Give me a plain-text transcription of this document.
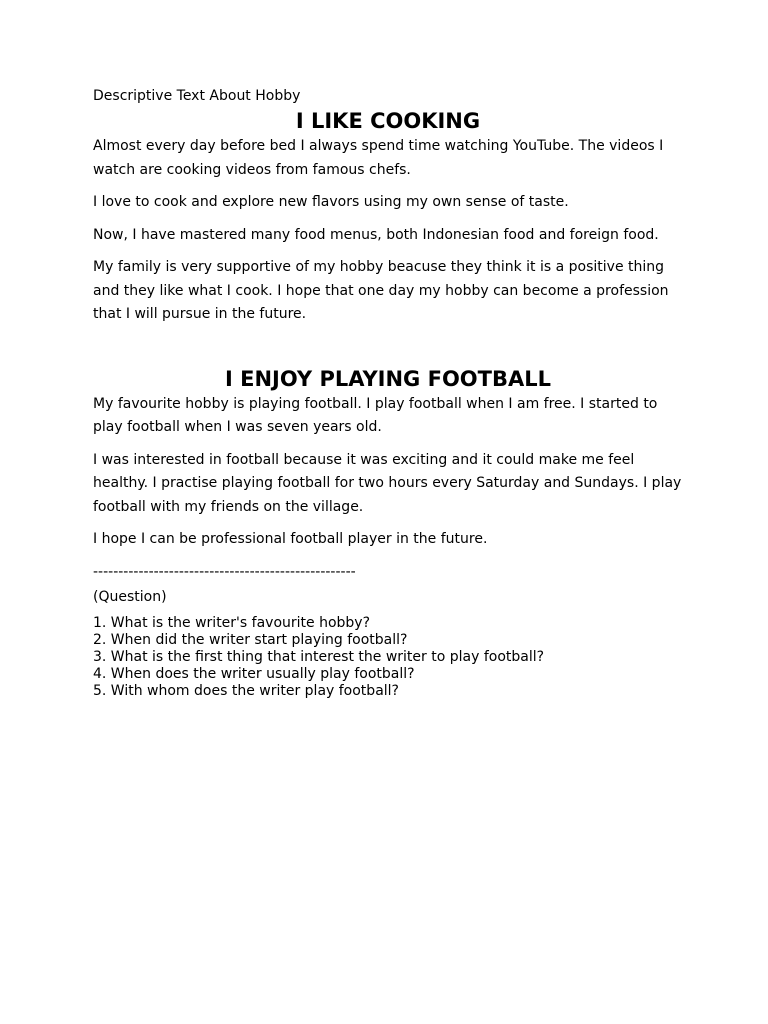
Descriptive Text About Hobby

I LIKE COOKING

Almost every day before bed I always spend time watching YouTube. The videos I watch are cooking videos from famous chefs.

I love to cook and explore new flavors using my own sense of taste.

Now, I have mastered many food menus, both Indonesian food and foreign food.

My family is very supportive of my hobby beacuse they think it is a positive thing and they like what I cook. I hope that one day my hobby can become a profession that I will pursue in the future.

I ENJOY PLAYING FOOTBALL

My favourite hobby is playing football. I play football when I am free. I started to play football when I was seven years old.

I was interested in football because it was exciting and it could make me feel healthy. I practise playing football for two hours every Saturday and Sundays. I play football with my friends on the village.

I hope I can be professional football player in the future.

----------------------------------------------------

(Question)

1. What is the writer's favourite hobby?
2. When did the writer start playing football?
3. What is the first thing that interest the writer to play football?
4. When does the writer usually play football?
5. With whom does the writer play football?
